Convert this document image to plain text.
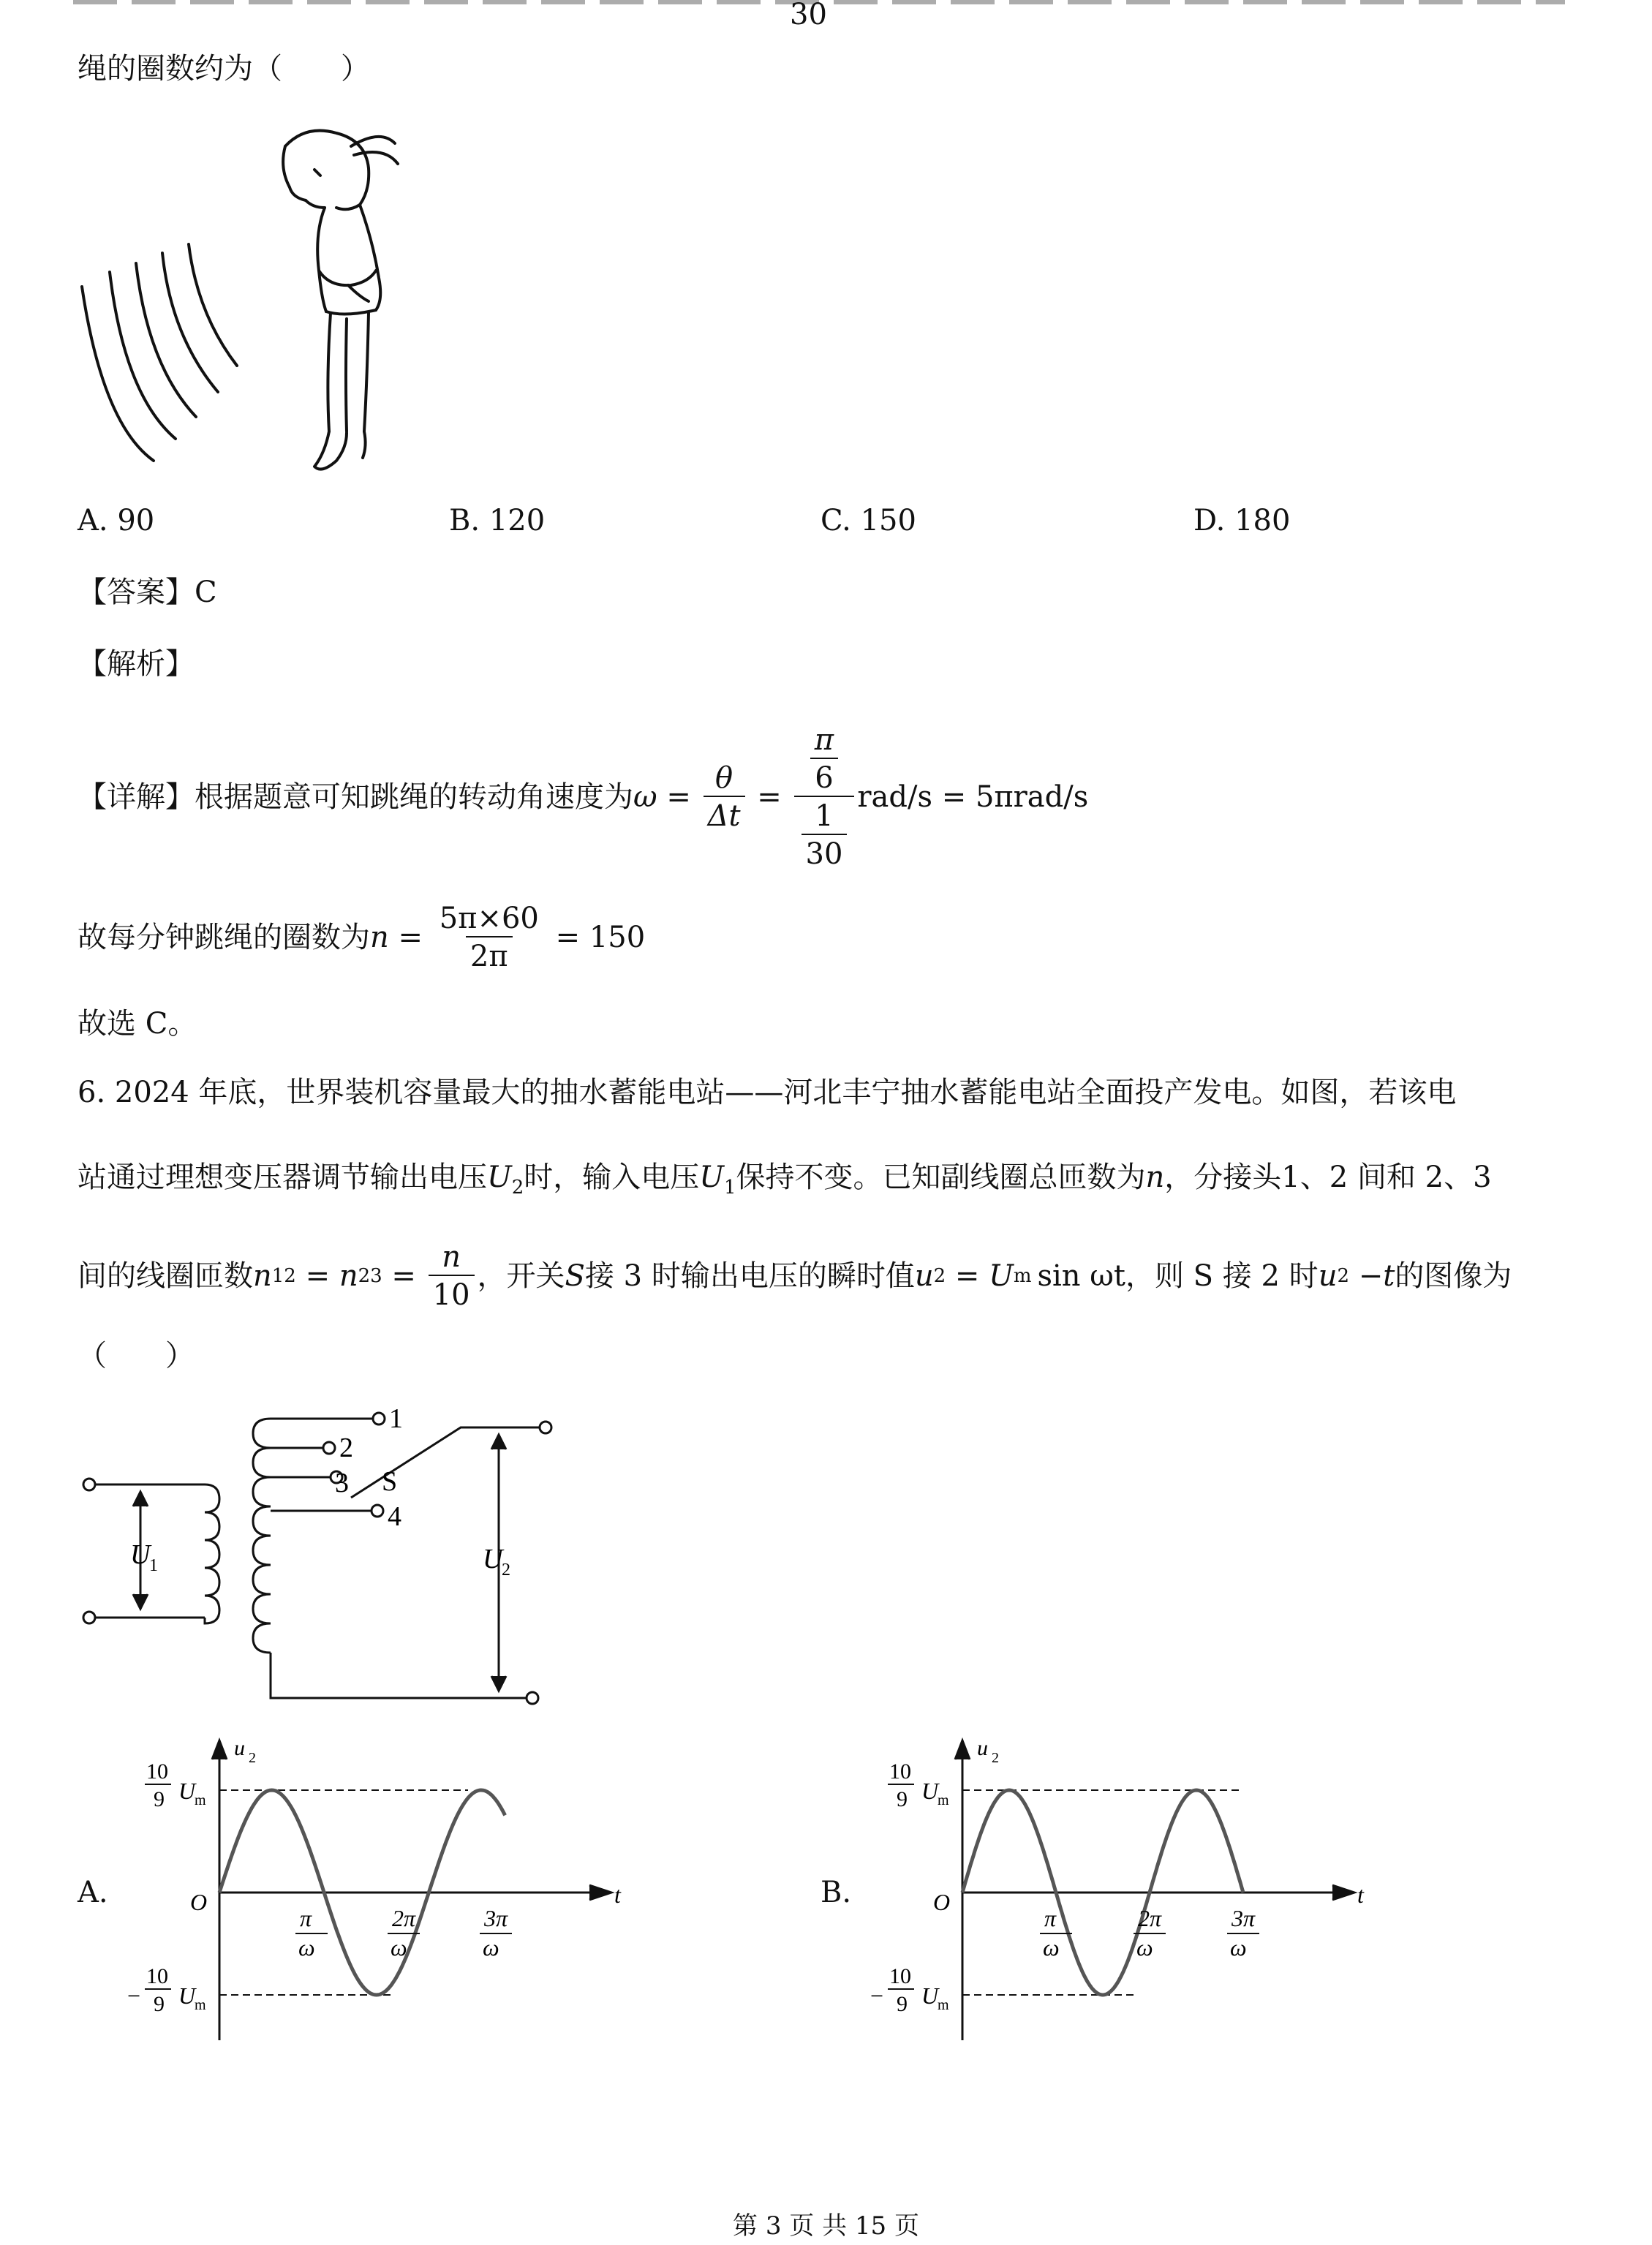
30
绳的圈数约为（　　）
A. 90	B. 120	C. 150	D. 180
【答案】C
【解析】
【详解】根据题意可知跳绳的转动角速度为 $\omega = \frac{\theta}{\Delta t} = \frac{\frac{\pi}{6}}{\frac{1}{30}} rad/s = 5\pi rad/s$
故每分钟跳绳的圈数为 $n = \frac{5\pi\times 60}{2\pi} = 150$
故选 C。
6. 2024 年底，世界装机容量最大的抽水蓄能电站——河北丰宁抽水蓄能电站全面投产发电。如图，若该电
站通过理想变压器调节输出电压$U_2$时，输入电压$U_1$保持不变。已知副线圈总匝数为n，分接头1、2 间和 2、3
间的线圈匝数 n 12 = n $23 = \frac{n}{10}$ ，开关 S 接 3 时输出电压的瞬时值 u 2 = U m sin ωt ，则 S 接 2 时 u 2 − t 的图像为
（　　）
1
2
3
4
S
U
1	U
2
A.
u 2
t
O
10
9 U
m
−
10
9 U
m
π
ω
2π
ω
3π
ω
B.
u 2
t
O
10
9 U
m
−
10
9 U
m
π
ω
2π
ω
3π
ω
第 3 页 共 15 页
